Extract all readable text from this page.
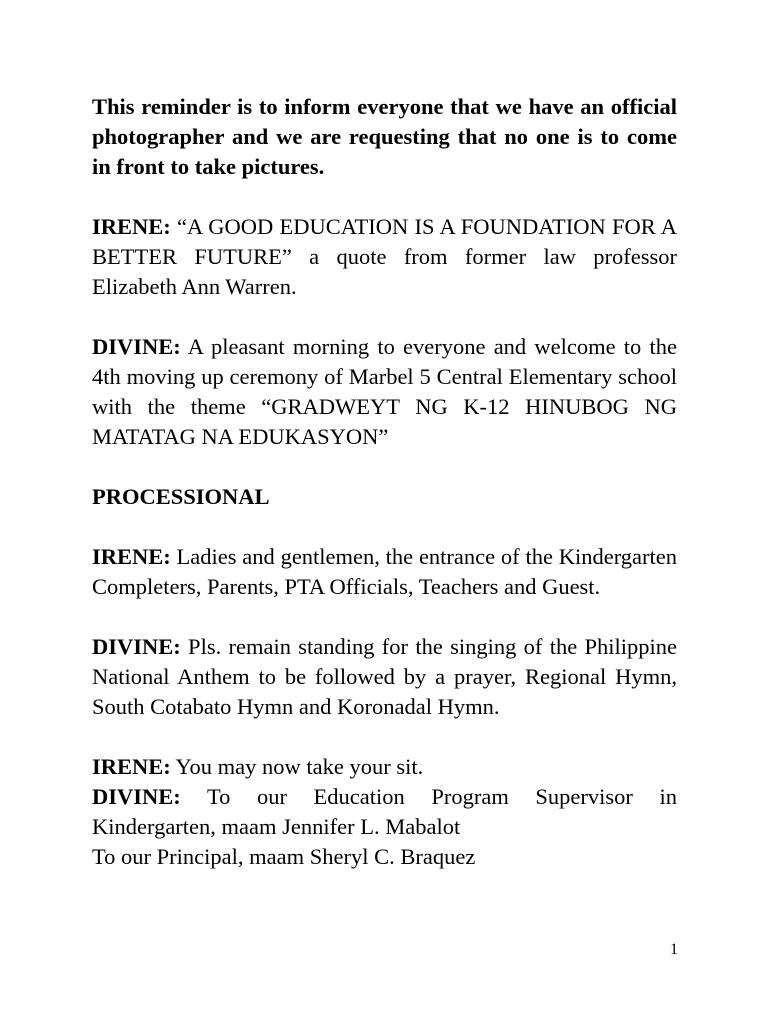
This reminder is to inform everyone that we have an official photographer and we are requesting that no one is to come in front to take pictures.

IRENE: “A GOOD EDUCATION IS A FOUNDATION FOR A BETTER FUTURE” a quote from former law professor Elizabeth Ann Warren.

DIVINE: A pleasant morning to everyone and welcome to the 4th moving up ceremony of Marbel 5 Central Elementary school with the theme “GRADWEYT NG K-12 HINUBOG NG MATATAG NA EDUKASYON”

PROCESSIONAL

IRENE: Ladies and gentlemen, the entrance of the Kindergarten Completers, Parents, PTA Officials, Teachers and Guest.

DIVINE: Pls. remain standing for the singing of the Philippine National Anthem to be followed by a prayer, Regional Hymn, South Cotabato Hymn and Koronadal Hymn.

IRENE: You may now take your sit.

DIVINE: To our Education Program Supervisor in Kindergarten, maam Jennifer L. Mabalot

To our Principal, maam Sheryl C. Braquez

1
